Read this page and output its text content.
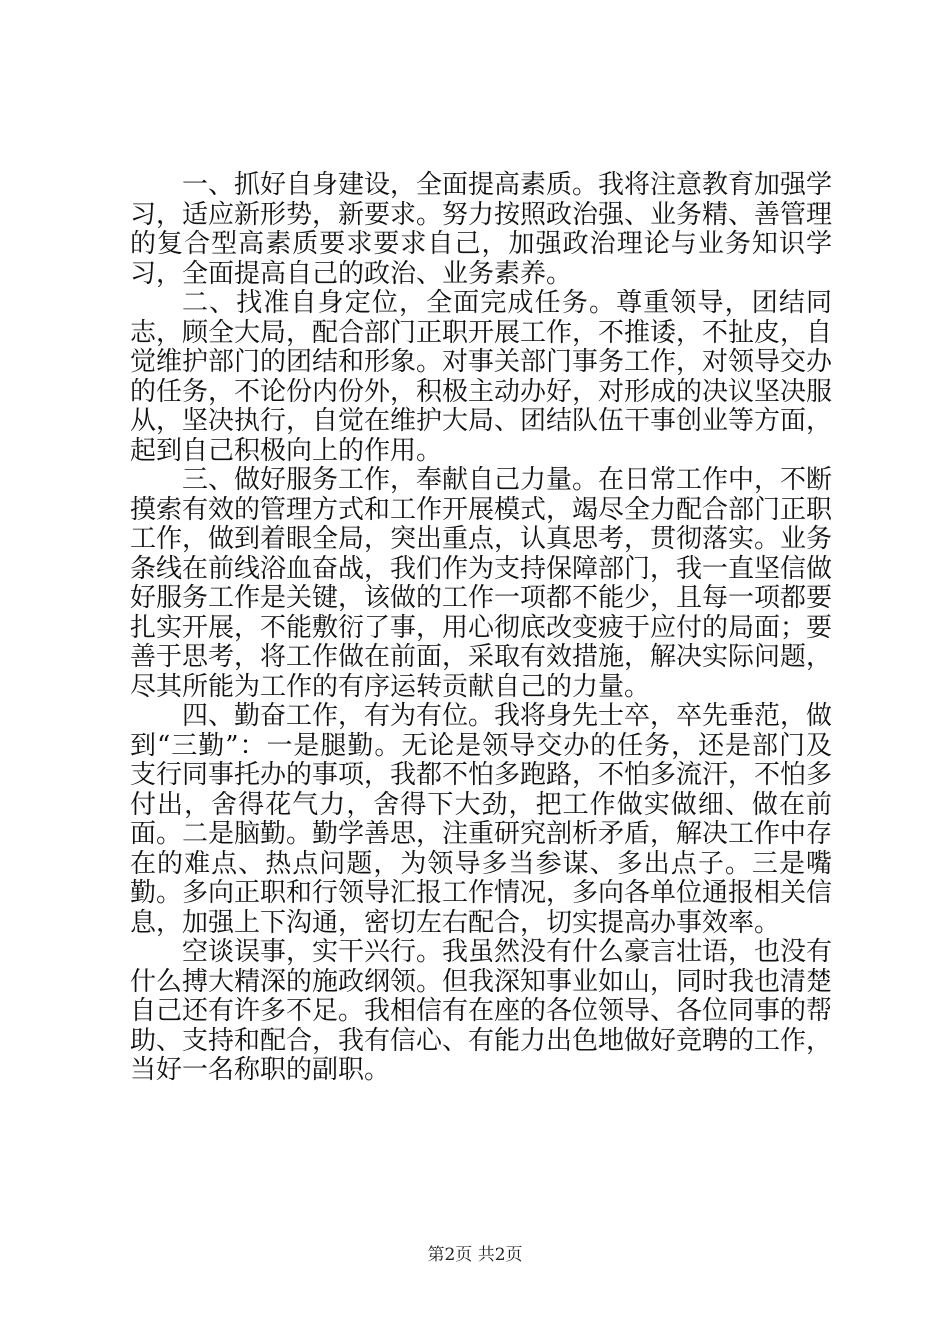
一、抓好自身建设，全面提高素质。我将注意教育加强学习，适应新形势，新要求。努力按照政治强、业务精、善管理的复合型高素质要求要求自己，加强政治理论与业务知识学习，全面提高自己的政治、业务素养。

二、找准自身定位，全面完成任务。尊重领导，团结同志，顾全大局，配合部门正职开展工作，不推诿，不扯皮，自觉维护部门的团结和形象。对事关部门事务工作，对领导交办的任务，不论份内份外，积极主动办好，对形成的决议坚决服从，坚决执行，自觉在维护大局、团结队伍干事创业等方面，起到自己积极向上的作用。

三、做好服务工作，奉献自己力量。在日常工作中，不断摸索有效的管理方式和工作开展模式，竭尽全力配合部门正职工作，做到着眼全局，突出重点，认真思考，贯彻落实。业务条线在前线浴血奋战，我们作为支持保障部门，我一直坚信做好服务工作是关键，该做的工作一项都不能少，且每一项都要扎实开展，不能敷衍了事，用心彻底改变疲于应付的局面；要善于思考，将工作做在前面，采取有效措施，解决实际问题，尽其所能为工作的有序运转贡献自己的力量。

四、勤奋工作，有为有位。我将身先士卒，卒先垂范，做到“三勤”：一是腿勤。无论是领导交办的任务，还是部门及支行同事托办的事项，我都不怕多跑路，不怕多流汗，不怕多付出，舍得花气力，舍得下大劲，把工作做实做细、做在前面。二是脑勤。勤学善思，注重研究剖析矛盾，解决工作中存在的难点、热点问题，为领导多当参谋、多出点子。三是嘴勤。多向正职和行领导汇报工作情况，多向各单位通报相关信息，加强上下沟通，密切左右配合，切实提高办事效率。

空谈误事，实干兴行。我虽然没有什么豪言壮语，也没有什么搏大精深的施政纲领。但我深知事业如山，同时我也清楚自己还有许多不足。我相信有在座的各位领导、各位同事的帮助、支持和配合，我有信心、有能力出色地做好竞聘的工作，当好一名称职的副职。

第2页 共2页
